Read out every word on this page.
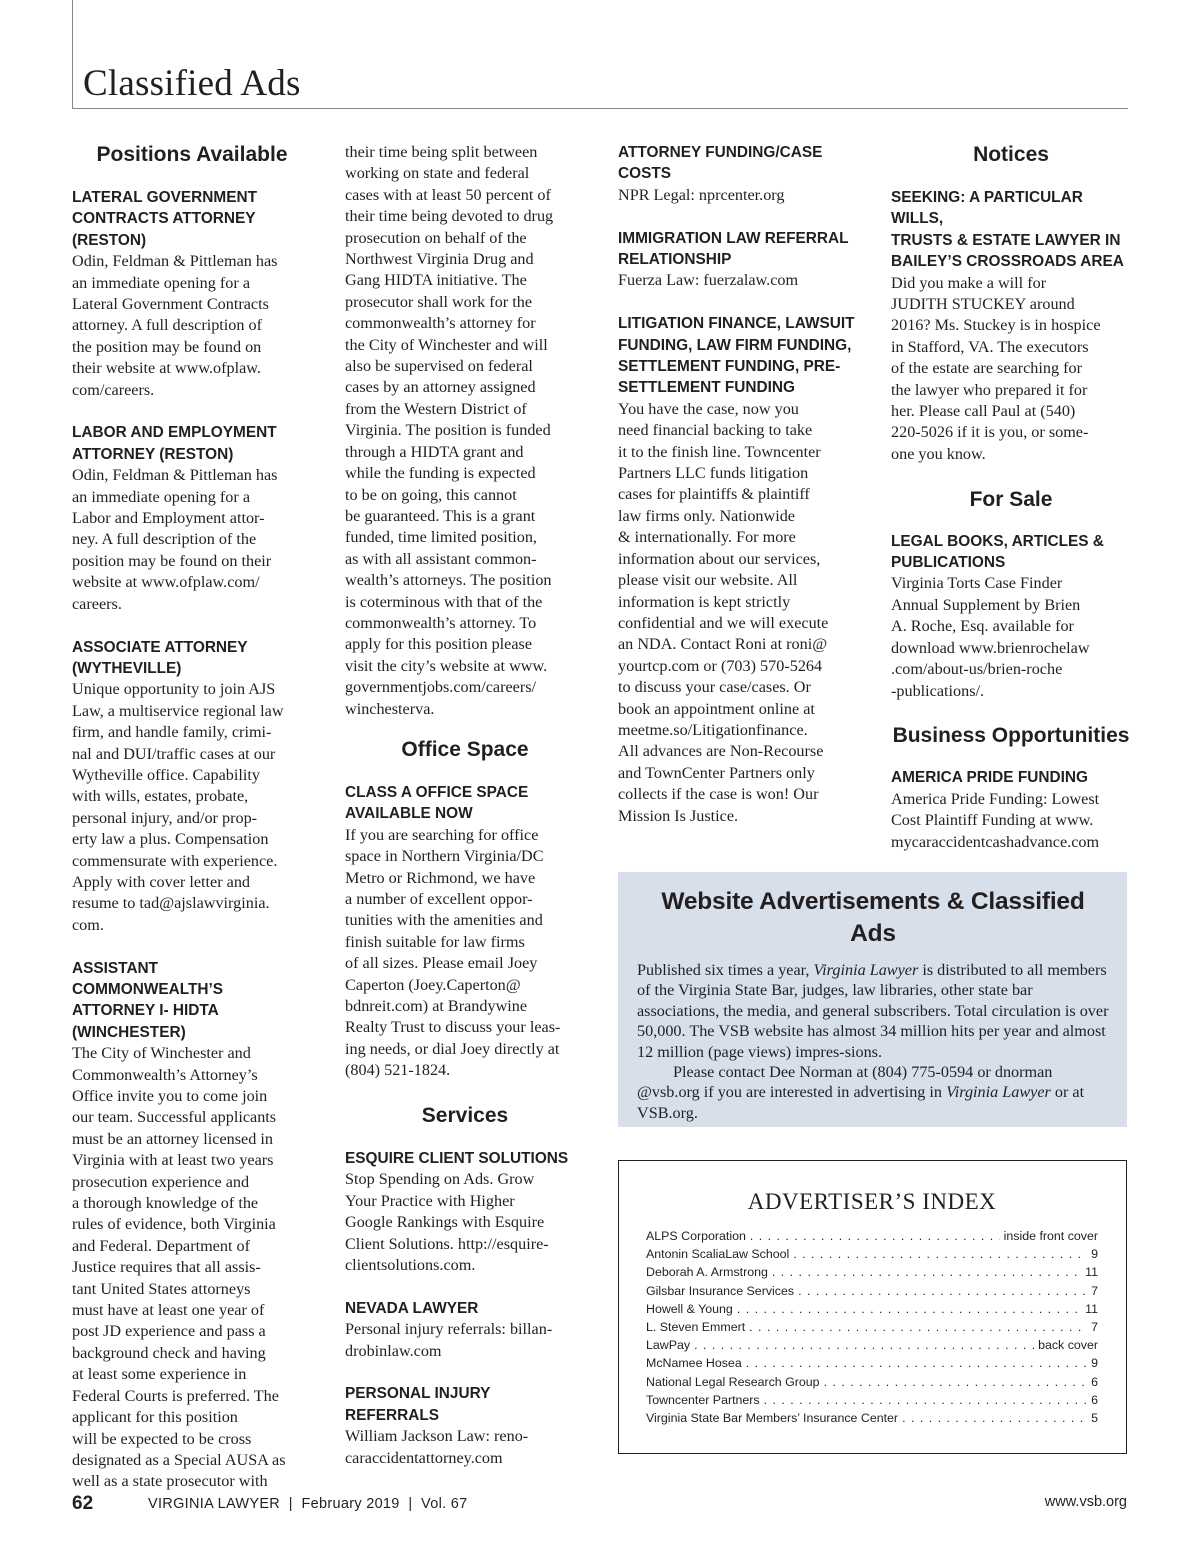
Classified Ads
Positions Available
LATERAL GOVERNMENT
CONTRACTS ATTORNEY
(RESTON)
Odin, Feldman & Pittleman has
an immediate opening for a
Lateral Government Contracts
attorney. A full description of
the position may be found on
their website at www.ofplaw.
com/careers.
LABOR AND EMPLOYMENT
ATTORNEY (RESTON)
Odin, Feldman & Pittleman has
an immediate opening for a
Labor and Employment attor-
ney. A full description of the
position may be found on their
website at www.ofplaw.com/
careers.
ASSOCIATE ATTORNEY
(WYTHEVILLE)
Unique opportunity to join AJS
Law, a multiservice regional law
firm, and handle family, crimi-
nal and DUI/traffic cases at our
Wytheville office. Capability
with wills, estates, probate,
personal injury, and/or prop-
erty law a plus. Compensation
commensurate with experience.
Apply with cover letter and
resume to tad@ajslawvirginia.
com.
ASSISTANT COMMONWEALTH’S
ATTORNEY I- HIDTA
(WINCHESTER)
The City of Winchester and
Commonwealth’s Attorney’s
Office invite you to come join
our team. Successful applicants
must be an attorney licensed in
Virginia with at least two years
prosecution experience and
a thorough knowledge of the
rules of evidence, both Virginia
and Federal. Department of
Justice requires that all assis-
tant United States attorneys
must have at least one year of
post JD experience and pass a
background check and having
at least some experience in
Federal Courts is preferred. The
applicant for this position
will be expected to be cross
designated as a Special AUSA as
well as a state prosecutor with
their time being split between
working on state and federal
cases with at least 50 percent of
their time being devoted to drug
prosecution on behalf of the
Northwest Virginia Drug and
Gang HIDTA initiative. The
prosecutor shall work for the
commonwealth’s attorney for
the City of Winchester and will
also be supervised on federal
cases by an attorney assigned
from the Western District of
Virginia. The position is funded
through a HIDTA grant and
while the funding is expected
to be on going, this cannot
be guaranteed. This is a grant
funded, time limited position,
as with all assistant common-
wealth’s attorneys. The position
is coterminous with that of the
commonwealth’s attorney. To
apply for this position please
visit the city’s website at www.
governmentjobs.com/careers/
winchesterva.
Office Space
CLASS A OFFICE SPACE
AVAILABLE NOW
If you are searching for office
space in Northern Virginia/DC
Metro or Richmond, we have
a number of excellent oppor-
tunities with the amenities and
finish suitable for law firms
of all sizes. Please email Joey
Caperton (Joey.Caperton@
bdnreit.com) at Brandywine
Realty Trust to discuss your leas-
ing needs, or dial Joey directly at
(804) 521-1824.
Services
ESQUIRE CLIENT SOLUTIONS
Stop Spending on Ads. Grow
Your Practice with Higher
Google Rankings with Esquire
Client Solutions. http://esquire-
clientsolutions.com.
NEVADA LAWYER
Personal injury referrals: billan-
drobinlaw.com
PERSONAL INJURY REFERRALS
William Jackson Law: reno-
caraccidentattorney.com
ATTORNEY FUNDING/CASE
COSTS
NPR Legal: nprcenter.org
IMMIGRATION LAW REFERRAL
RELATIONSHIP
Fuerza Law: fuerzalaw.com
LITIGATION FINANCE, LAWSUIT
FUNDING, LAW FIRM FUNDING,
SETTLEMENT FUNDING, PRE-
SETTLEMENT FUNDING
You have the case, now you
need financial backing to take
it to the finish line. Towncenter
Partners LLC funds litigation
cases for plaintiffs & plaintiff
law firms only. Nationwide
& internationally. For more
information about our services,
please visit our website. All
information is kept strictly
confidential and we will execute
an NDA. Contact Roni at roni@
yourtcp.com or (703) 570-5264
to discuss your case/cases. Or
book an appointment online at
meetme.so/Litigationfinance.
All advances are Non-Recourse
and TownCenter Partners only
collects if the case is won! Our
Mission Is Justice.
Notices
SEEKING: A PARTICULAR WILLS,
TRUSTS & ESTATE LAWYER IN
BAILEY’S CROSSROADS AREA
Did you make a will for
JUDITH STUCKEY around
2016? Ms. Stuckey is in hospice
in Stafford, VA. The executors
of the estate are searching for
the lawyer who prepared it for
her. Please call Paul at (540)
220-5026 if it is you, or some-
one you know.
For Sale
LEGAL BOOKS, ARTICLES &
PUBLICATIONS
Virginia Torts Case Finder
Annual Supplement by Brien
A. Roche, Esq. available for
download www.brienrochelaw
.com/about-us/brien-roche
-publications/.
Business Opportunities
AMERICA PRIDE FUNDING
America Pride Funding: Lowest
Cost Plaintiff Funding at www.
mycaraccidentcashadvance.com
Website Advertisements & Classified Ads

Published six times a year, Virginia Lawyer is distributed to all members of the Virginia State Bar, judges, law libraries, other state bar associations, the media, and general subscribers. Total circulation is over 50,000. The VSB website has almost 34 million hits per year and almost 12 million (page views) impres-sions.

Please contact Dee Norman at (804) 775-0594 or dnorman @vsb.org if you are interested in advertising in Virginia Lawyer or at VSB.org.

ADVERTISER’S INDEX
ALPS Corporation . . .	inside front cover
Antonin ScaliaLaw School . . .	9
Deborah A. Armstrong . . .	11
Gilsbar Insurance Services . . .	7
Howell & Young . . .	11
L. Steven Emmert . . .	7
LawPay . . .	back cover
McNamee Hosea . . .	9
National Legal Research Group . . .	6
Towncenter Partners . . .	6
Virginia State Bar Members’ Insurance Center . . .	5
62	VIRGINIA LAWYER  |  February 2019  |  Vol. 67	www.vsb.org
